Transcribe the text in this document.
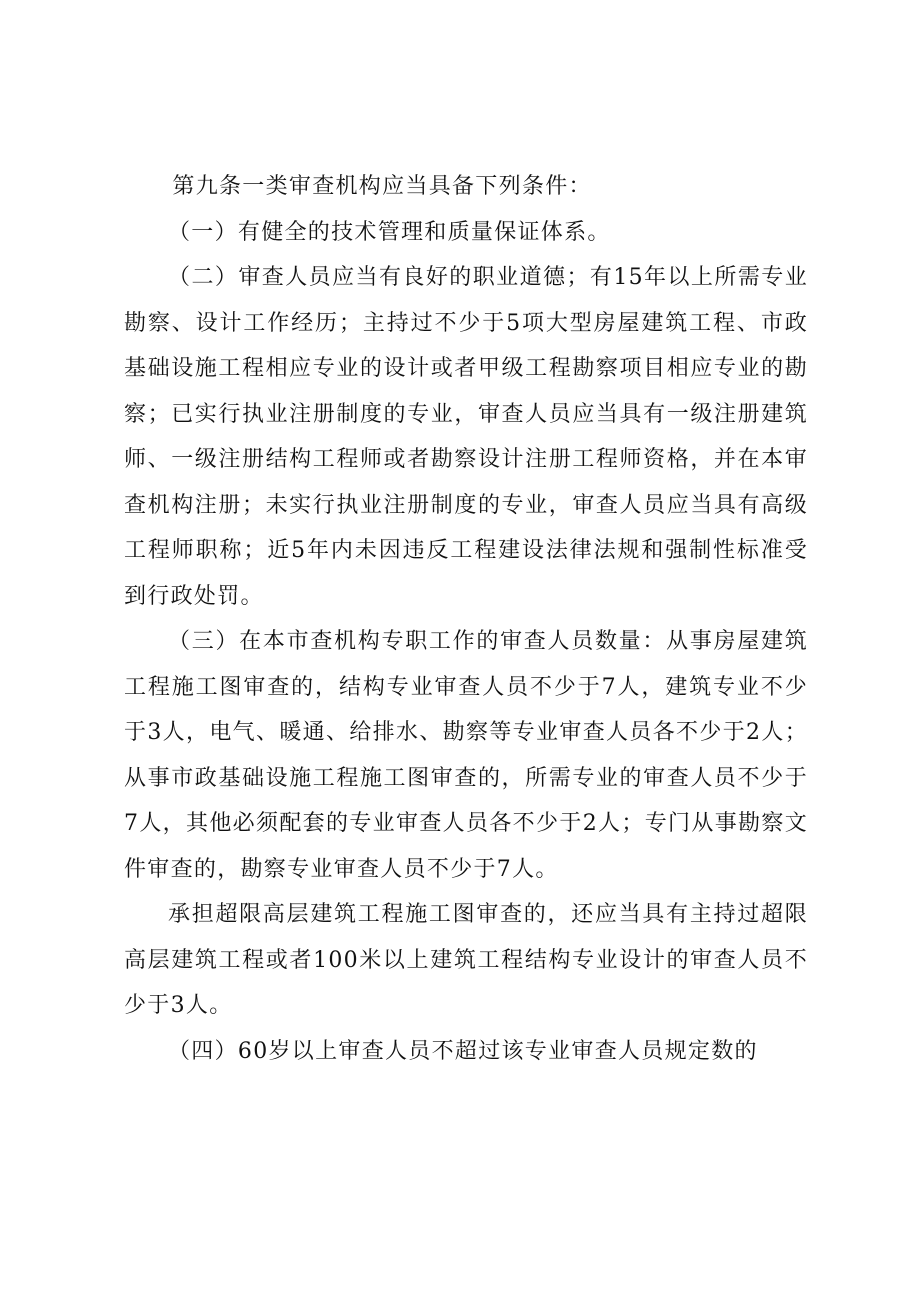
第九条一类审查机构应当具备下列条件：

（一）有健全的技术管理和质量保证体系。

（二）审查人员应当有良好的职业道德；有15年以上所需专业勘察、设计工作经历；主持过不少于5项大型房屋建筑工程、市政基础设施工程相应专业的设计或者甲级工程勘察项目相应专业的勘察；已实行执业注册制度的专业，审查人员应当具有一级注册建筑师、一级注册结构工程师或者勘察设计注册工程师资格，并在本审查机构注册；未实行执业注册制度的专业，审查人员应当具有高级工程师职称；近5年内未因违反工程建设法律法规和强制性标准受到行政处罚。

（三）在本市查机构专职工作的审查人员数量：从事房屋建筑工程施工图审查的，结构专业审查人员不少于7人，建筑专业不少于3人，电气、暖通、给排水、勘察等专业审查人员各不少于2人；从事市政基础设施工程施工图审查的，所需专业的审查人员不少于7人，其他必须配套的专业审查人员各不少于2人；专门从事勘察文件审查的，勘察专业审查人员不少于7人。

承担超限高层建筑工程施工图审查的，还应当具有主持过超限高层建筑工程或者100米以上建筑工程结构专业设计的审查人员不少于3人。

（四）60岁以上审查人员不超过该专业审查人员规定数的
